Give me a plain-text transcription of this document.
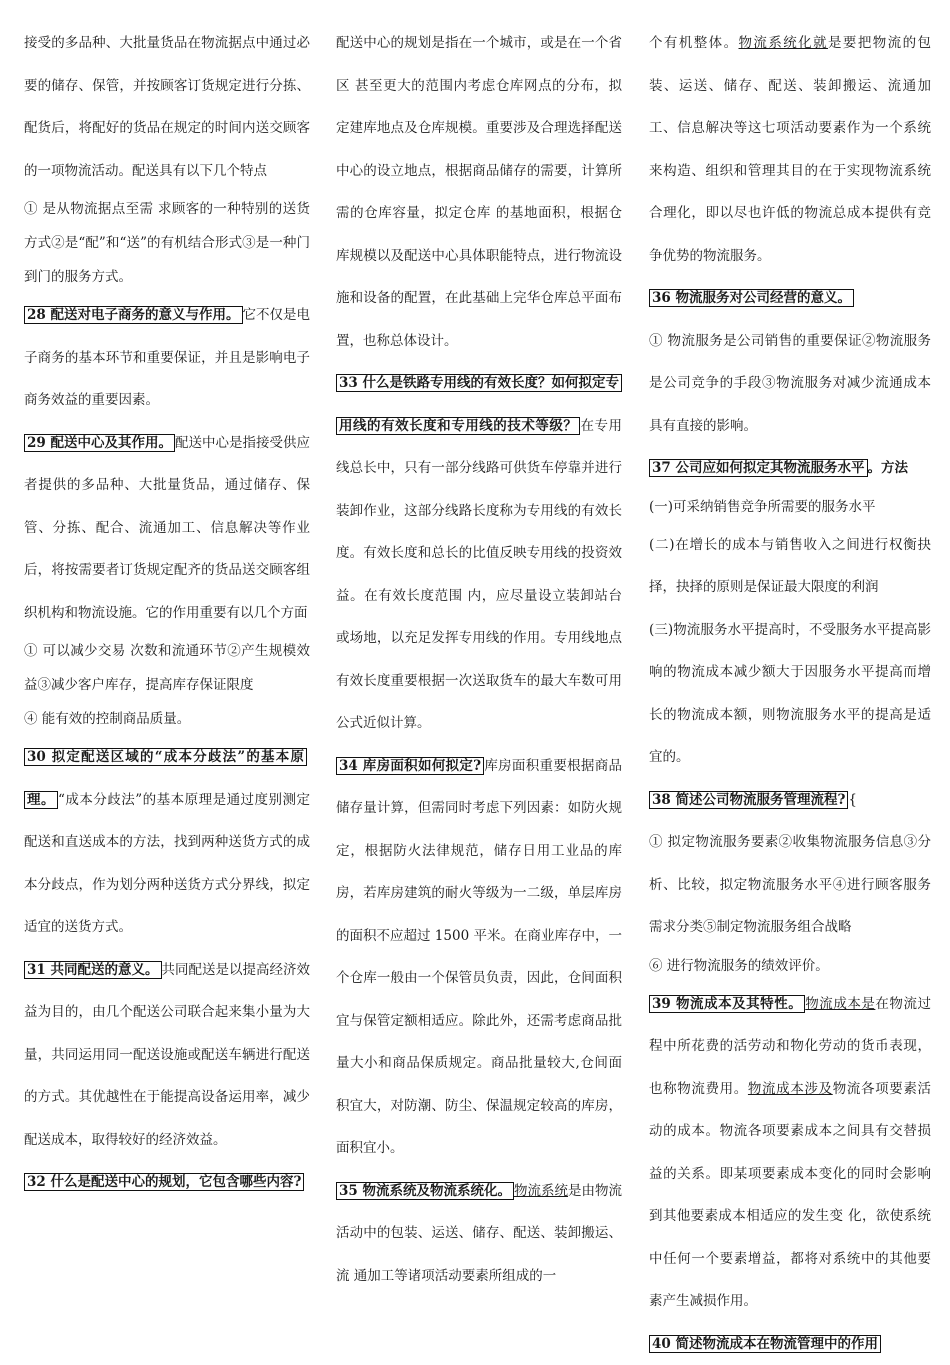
接受的多品种、大批量货品在物流据点中通过必要的储存、保管，并按顾客订货规定进行分拣、配货后，将配好的货品在规定的时间内送交顾客的一项物流活动。配送具有以下几个特点

① 是从物流据点至需 求顾客的一种特别的送货方式②是“配”和“送”的有机结合形式③是一种门到门的服务方式。

28 配送对电子商务的意义与作用。 它不仅是电子商务的基本环节和重要保证，并且是影响电子商务效益的重要因素。

29 配送中心及其作用。 配送中心是指接受供应者提供的多品种、大批量货品，通过储存、保管、分拣、配合、流通加工、信息解决等作业后，将按需要者订货规定配齐的货品送交顾客组织机构和物流设施。它的作用重要有以几个方面

① 可以减少交易 次数和流通环节②产生规模效益③减少客户库存，提高库存保证限度

④ 能有效的控制商品质量。

30 拟定配送区域的“成本分歧法”的基本原理。 “成本分歧法”的基本原理是通过度别测定配送和直送成本的方法，找到两种送货方式的成本分歧点，作为划分两种送货方式分界线，拟定适宜的送货方式。

31 共同配送的意义。 共同配送是以提高经济效益为目的，由几个配送公司联合起来集小量为大量，共同运用同一配送设施或配送车辆进行配送的方式。其优越性在于能提高设备运用率，减少配送成本，取得较好的经济效益。

32 什么是配送中心的规划，它包含哪些内容?

配送中心的规划是指在一个城市，或是在一个省区 甚至更大的范围内考虑仓库网点的分布，拟定建库地点及仓库规模。重要涉及合理选择配送中心的设立地点，根据商品储存的需要，计算所需的仓库容量，拟定仓库 的基地面积，根据仓库规模以及配送中心具体职能特点，进行物流设施和设备的配置，在此基础上完华仓库总平面布置，也称总体设计。

33 什么是铁路专用线的有效长度？如何拟定专用线的有效长度和专用线的技术等级？ 在专用线总长中，只有一部分线路可供货车停靠并进行装卸作业，这部分线路长度称为专用线的有效长度。有效长度和总长的比值反映专用线的投资效益。在有效长度范围 内，应尽量设立装卸站台或场地，以充足发挥专用线的作用。专用线地点有效长度重要根据一次送取货车的最大车数可用公式近似计算。

34 库房面积如何拟定? 库房面积重要根据商品储存量计算，但需同时考虑下列因素：如防火规定，根据防火法律规范，储存日用工业品的库房，若库房建筑的耐火等级为一二级，单层库房的面积不应超过 1500 平米。在商业库存中，一个仓库一般由一个保管员负责，因此，仓间面积宜与保管定额相适应。除此外，还需考虑商品批量大小和商品保质规定。商品批量较大,仓间面积宜大，对防潮、防尘、保温规定较高的库房，面积宜小。

35 物流系统及物流系统化。 物流系统是由物流活动中的包装、运送、储存、配送、装卸搬运、流 通加工等诸项活动要素所组成的一

个有机整体。物流系统化就是要把物流的包装、运送、储存、配送、装卸搬运、流通加工、信息解决等这七项活动要素作为一个系统来构造、组织和管理其目的在于实现物流系统合理化，即以尽也许低的物流总成本提供有竞争优势的物流服务。

36 物流服务对公司经营的意义。

① 物流服务是公司销售的重要保证②物流服务是公司竞争的手段③物流服务对减少流通成本具有直接的影响。

37 公司应如何拟定其物流服务水平 。方法

(一)可采纳销售竞争所需要的服务水平

(二)在增长的成本与销售收入之间进行权衡抉择，抉择的原则是保证最大限度的利润

(三)物流服务水平提高时，不受服务水平提高影响的物流成本减少额大于因服务水平提高而增长的物流成本额，则物流服务水平的提高是适宜的。

38 简述公司物流服务管理流程? {

① 拟定物流服务要素②收集物流服务信息③分析、比较，拟定物流服务水平④进行顾客服务需求分类⑤制定物流服务组合战略

⑥ 进行物流服务的绩效评价。

39 物流成本及其特性。 物流成本是在物流过程中所花费的活劳动和物化劳动的货币表现，也称物流费用。物流成本涉及物流各项要素活动的成本。物流各项要素成本之间具有交替损益的关系。即某项要素成本变化的同时会影响到其他要素成本相适应的发生变 化，欲使系统中任何一个要素增益，都将对系统中的其他要素产生减损作用。

40 简述物流成本在物流管理中的作用
